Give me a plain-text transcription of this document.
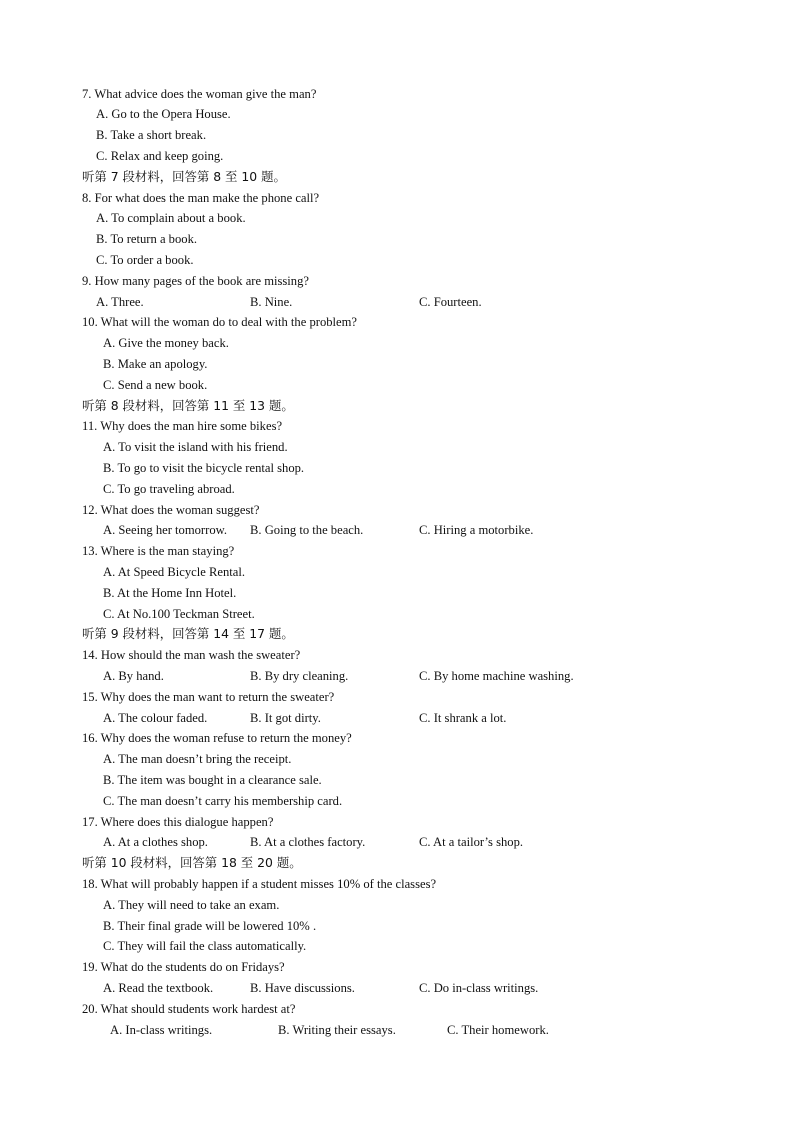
7. What advice does the woman give the man?
A. Go to the Opera House.
B. Take a short break.
C. Relax and keep going.
听第 7 段材料，回答第 8 至 10 题。
8. For what does the man make the phone call?
A. To complain about a book.
B. To return a book.
C. To order a book.
9. How many pages of the book are missing?
A. Three.	B. Nine.	C. Fourteen.
10. What will the woman do to deal with the problem?
A. Give the money back.
B. Make an apology.
C. Send a new book.
听第 8 段材料，回答第 11 至 13 题。
11. Why does the man hire some bikes?
A. To visit the island with his friend.
B. To go to visit the bicycle rental shop.
C. To go traveling abroad.
12. What does the woman suggest?
A. Seeing her tomorrow. B. Going to the beach.	C. Hiring a motorbike.
13. Where is the man staying?
A. At Speed Bicycle Rental.
B. At the Home Inn Hotel.
C. At No.100 Teckman Street.
听第 9 段材料，回答第 14 至 17 题。
14. How should the man wash the sweater?
A. By hand.	B. By dry cleaning.	C. By home machine washing.
15. Why does the man want to return the sweater?
A. The colour faded.	B. It got dirty.	C. It shrank a lot.
16. Why does the woman refuse to return the money?
A. The man doesn’t bring the receipt.
B. The item was bought in a clearance sale.
C. The man doesn’t carry his membership card.
17. Where does this dialogue happen?
A. At a clothes shop.	B. At a clothes factory.	C. At a tailor’s shop.
听第 10 段材料，回答第 18 至 20 题。
18. What will probably happen if a student misses 10% of the classes?
A. They will need to take an exam.
B. Their final grade will be lowered 10% .
C. They will fail the class automatically.
19. What do the students do on Fridays?
A. Read the textbook.	B. Have discussions.	C. Do in-class writings.
20. What should students work hardest at?
A. In-class writings.	B. Writing their essays.	C. Their homework.
